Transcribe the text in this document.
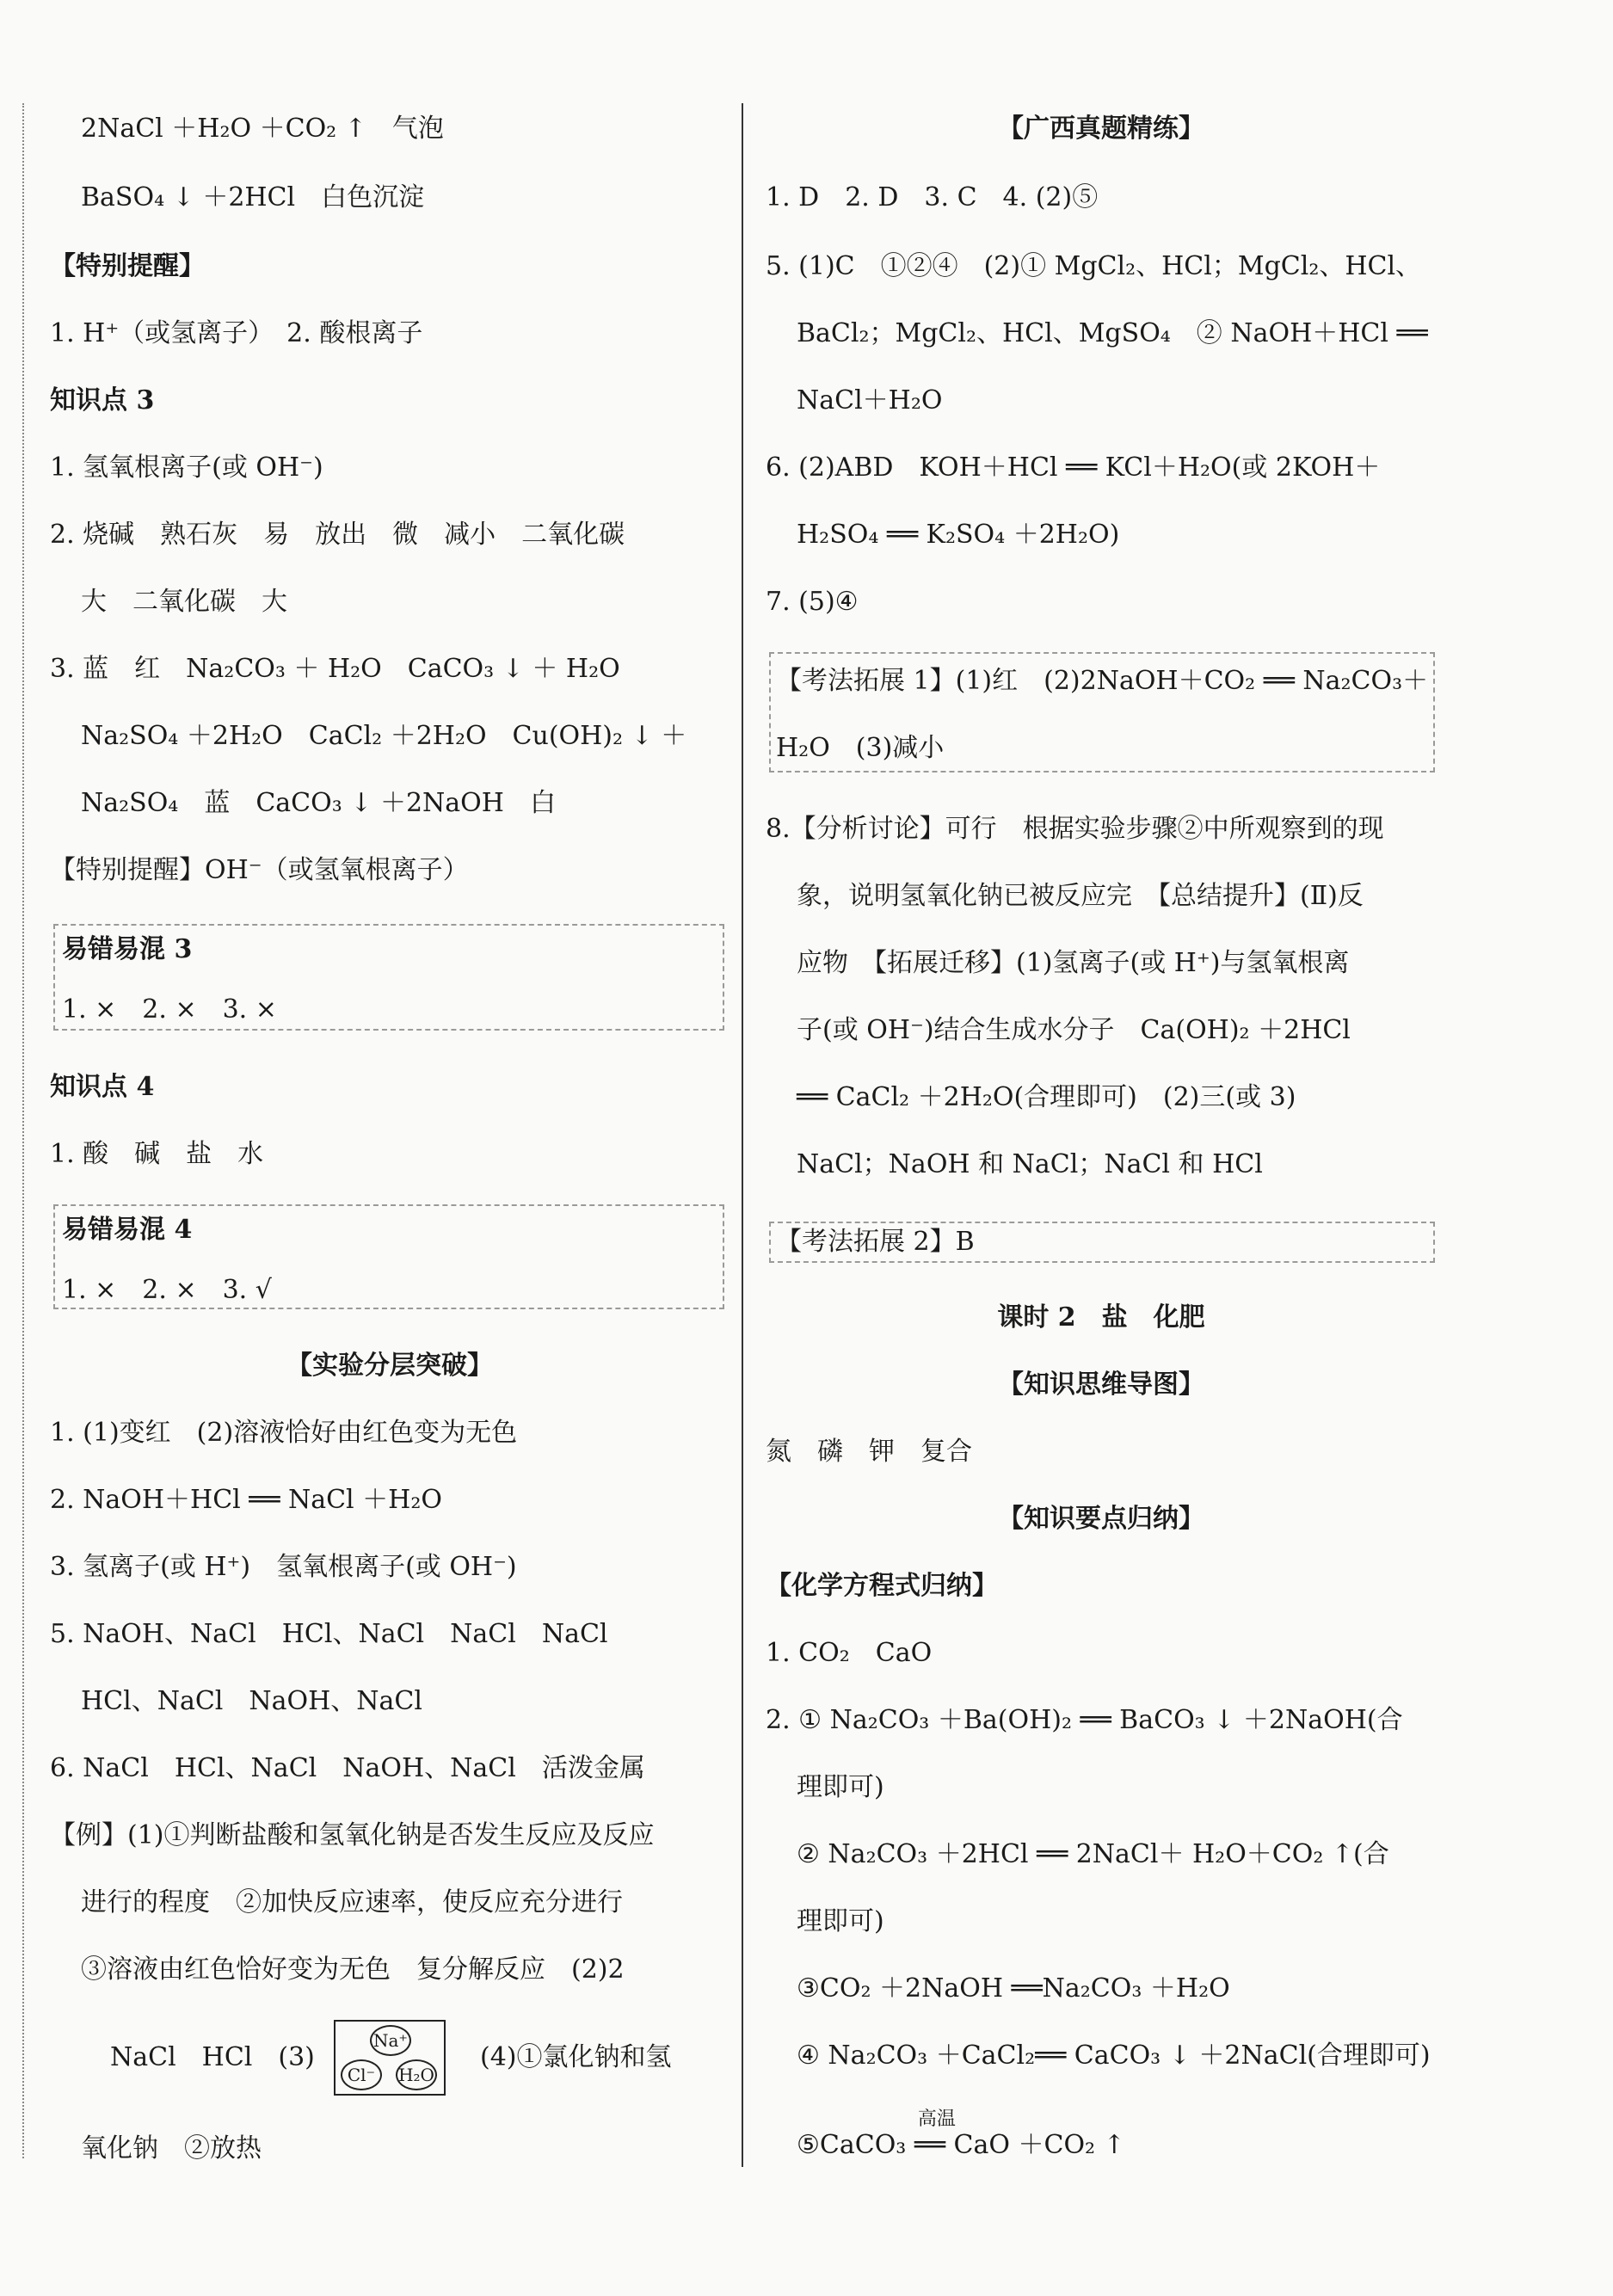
2NaCl ＋H₂O ＋CO₂ ↑　气泡
BaSO₄ ↓ ＋2HCl　白色沉淀
【特别提醒】
1. H⁺（或氢离子）　2. 酸根离子
知识点 3
1. 氢氧根离子(或 OH⁻)
2. 烧碱　熟石灰　易　放出　微　减小　二氧化碳
大　二氧化碳　大
3. 蓝　红　Na₂CO₃ ＋ H₂O　CaCO₃ ↓ ＋ H₂O
Na₂SO₄ ＋2H₂O　CaCl₂ ＋2H₂O　Cu(OH)₂ ↓ ＋
Na₂SO₄　蓝　CaCO₃ ↓ ＋2NaOH　白
【特别提醒】OH⁻（或氢氧根离子）
易错易混 3
1. ×　2. ×　3. ×
知识点 4
1. 酸　碱　盐　水
易错易混 4
1. ×　2. ×　3. √
【实验分层突破】
1. (1)变红　(2)溶液恰好由红色变为无色
2. NaOH＋HCl ══ NaCl ＋H₂O
3. 氢离子(或 H⁺)　氢氧根离子(或 OH⁻)
5. NaOH、NaCl　HCl、NaCl　NaCl　NaCl
HCl、NaCl　NaOH、NaCl
6. NaCl　HCl、NaCl　NaOH、NaCl　活泼金属
【例】(1)①判断盐酸和氢氧化钠是否发生反应及反应
进行的程度　②加快反应速率，使反应充分进行
③溶液由红色恰好变为无色　复分解反应　(2)2
NaCl　HCl　(3)
Na⁺
Cl⁻	H₂O
(4)①氯化钠和氢
氧化钠　②放热
【广西真题精练】
1. D　2. D　3. C　4. (2)⑤
5. (1)C　①②④　(2)① MgCl₂、HCl；MgCl₂、HCl、
BaCl₂；MgCl₂、HCl、MgSO₄　② NaOH＋HCl ══
NaCl＋H₂O
6. (2)ABD　KOH＋HCl ══ KCl＋H₂O(或 2KOH＋
H₂SO₄ ══ K₂SO₄ ＋2H₂O)
7. (5)④
【考法拓展 1】(1)红　(2)2NaOH＋CO₂ ══ Na₂CO₃＋
H₂O　(3)减小
8.【分析讨论】可行　根据实验步骤②中所观察到的现
象，说明氢氧化钠已被反应完　【总结提升】(Ⅱ)反
应物　【拓展迁移】(1)氢离子(或 H⁺)与氢氧根离
子(或 OH⁻)结合生成水分子　Ca(OH)₂ ＋2HCl
══ CaCl₂ ＋2H₂O(合理即可)　(2)三(或 3)
NaCl；NaOH 和 NaCl；NaCl 和 HCl
【考法拓展 2】B
课时 2　盐　化肥
【知识思维导图】
氮　磷　钾　复合
【知识要点归纳】
【化学方程式归纳】
1. CO₂　CaO
2. ① Na₂CO₃ ＋Ba(OH)₂ ══ BaCO₃ ↓ ＋2NaOH(合
理即可)
② Na₂CO₃ ＋2HCl ══ 2NaCl＋ H₂O＋CO₂ ↑(合
理即可)
③CO₂ ＋2NaOH ══Na₂CO₃ ＋H₂O
④ Na₂CO₃ ＋CaCl₂══ CaCO₃ ↓ ＋2NaCl(合理即可)
⑤CaCO₃
高温
══ CaO ＋CO₂ ↑
